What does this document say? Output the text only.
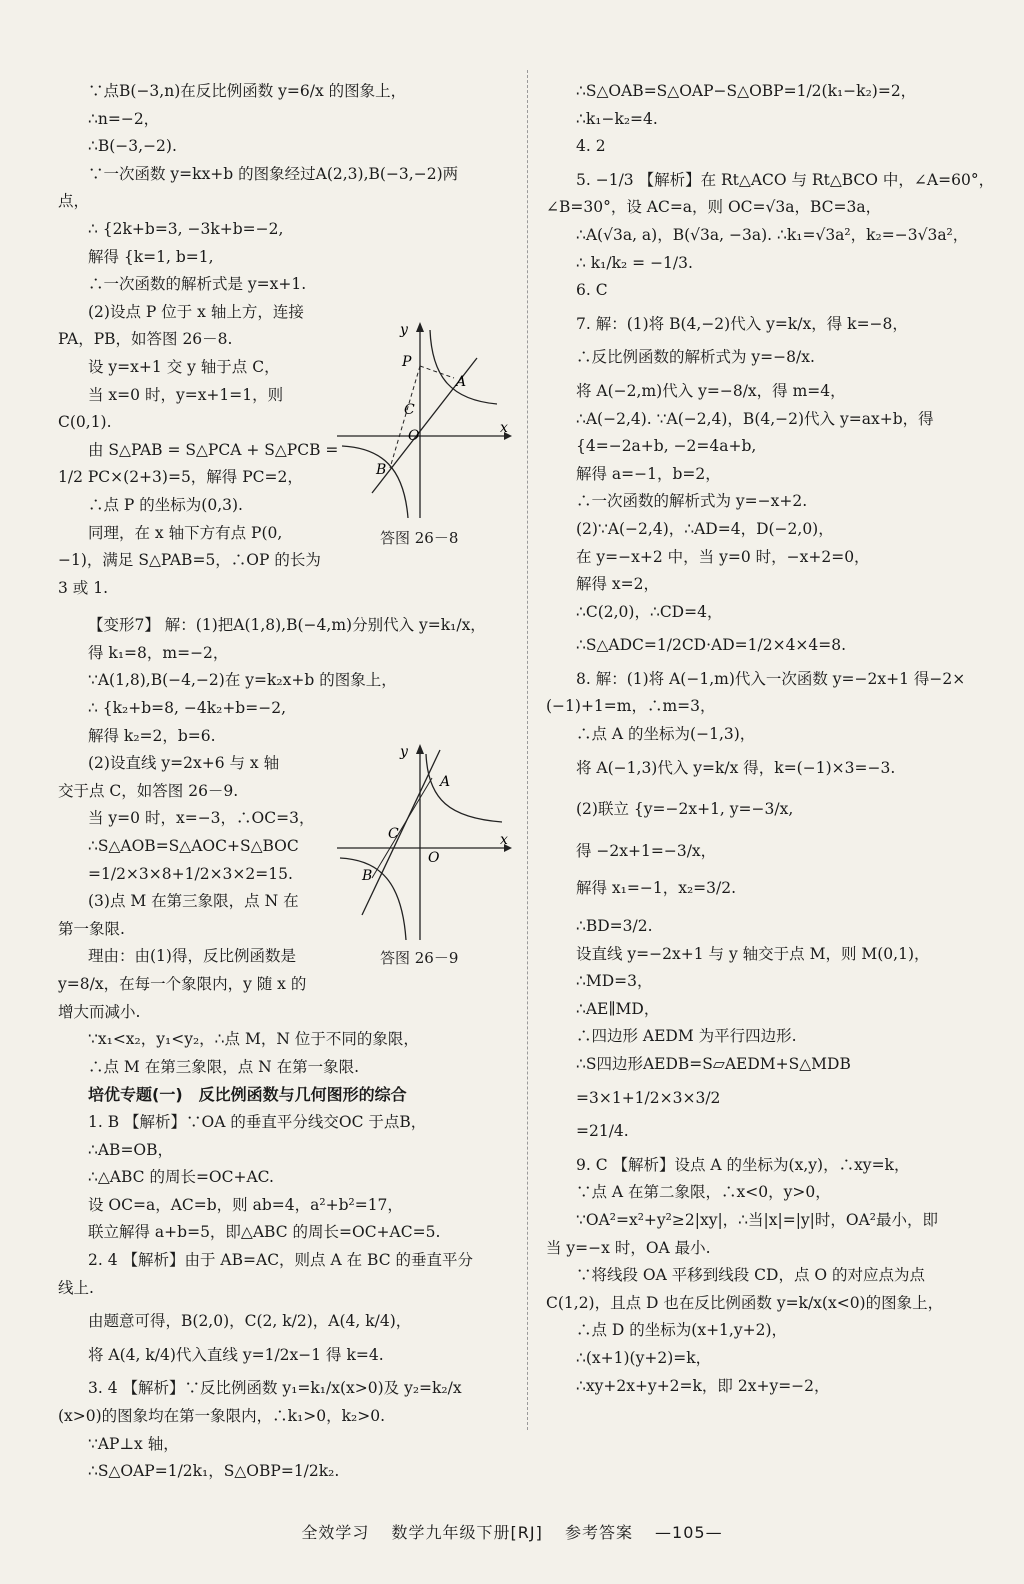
∵点B(−3,n)在反比例函数 y=6/x 的图象上，
∴n=−2，
∴B(−3,−2).
∵一次函数 y=kx+b 的图象经过A(2,3),B(−3,−2)两
点，
∴ {2k+b=3, −3k+b=−2,
解得 {k=1, b=1,
∴一次函数的解析式是 y=x+1.
(2)设点 P 位于 x 轴上方，连接
PA，PB，如答图 26－8.
设 y=x+1 交 y 轴于点 C，
当 x=0 时，y=x+1=1，则
C(0,1).
由 S△PAB = S△PCA + S△PCB =
1/2 PC×(2+3)=5，解得 PC=2，
∴点 P 的坐标为(0,3).
同理，在 x 轴下方有点 P(0,
−1)，满足 S△PAB=5，∴OP 的长为
3 或 1.
【变形7】 解：(1)把A(1,8),B(−4,m)分别代入 y=k₁/x，
得 k₁=8，m=−2，
∵A(1,8),B(−4,−2)在 y=k₂x+b 的图象上，
∴ {k₂+b=8, −4k₂+b=−2,
解得 k₂=2，b=6.
(2)设直线 y=2x+6 与 x 轴
交于点 C，如答图 26－9.
当 y=0 时，x=−3，∴OC=3，
∴S△AOB=S△AOC+S△BOC
=1/2×3×8+1/2×3×2=15.
(3)点 M 在第三象限，点 N 在
第一象限.
理由：由(1)得，反比例函数是
y=8/x，在每一个象限内，y 随 x 的
增大而减小.
∵x₁<x₂，y₁<y₂，∴点 M，N 位于不同的象限，
∴点 M 在第三象限，点 N 在第一象限.
培优专题(一)　反比例函数与几何图形的综合
1. B 【解析】∵OA 的垂直平分线交OC 于点B，
∴AB=OB，
∴△ABC 的周长=OC+AC.
设 OC=a，AC=b，则 ab=4，a²+b²=17，
联立解得 a+b=5，即△ABC 的周长=OC+AC=5.
2. 4 【解析】由于 AB=AC，则点 A 在 BC 的垂直平分
线上.
由题意可得，B(2,0)，C(2, k/2)，A(4, k/4)，
将 A(4, k/4)代入直线 y=1/2x−1 得 k=4.
3. 4 【解析】∵反比例函数 y₁=k₁/x(x>0)及 y₂=k₂/x
(x>0)的图象均在第一象限内，∴k₁>0，k₂>0.
∵AP⊥x 轴，
∴S△OAP=1/2k₁，S△OBP=1/2k₂.
y
x
P
A
C
O
B
答图 26－8
y
x
A
C
O
B
答图 26－9
∴S△OAB=S△OAP−S△OBP=1/2(k₁−k₂)=2，
∴k₁−k₂=4.
4. 2
5. −1/3 【解析】在 Rt△ACO 与 Rt△BCO 中，∠A=60°，
∠B=30°，设 AC=a，则 OC=√3a，BC=3a，
∴A(√3a, a)，B(√3a, −3a). ∴k₁=√3a²，k₂=−3√3a²，
∴ k₁/k₂ = −1/3.
6. C
7. 解：(1)将 B(4,−2)代入 y=k/x，得 k=−8，
∴反比例函数的解析式为 y=−8/x.
将 A(−2,m)代入 y=−8/x，得 m=4，
∴A(−2,4). ∵A(−2,4)，B(4,−2)代入 y=ax+b，得
{4=−2a+b, −2=4a+b,
解得 a=−1，b=2，
∴一次函数的解析式为 y=−x+2.
(2)∵A(−2,4)，∴AD=4，D(−2,0)，
在 y=−x+2 中，当 y=0 时，−x+2=0，
解得 x=2，
∴C(2,0)，∴CD=4，
∴S△ADC=1/2CD·AD=1/2×4×4=8.
8. 解：(1)将 A(−1,m)代入一次函数 y=−2x+1 得−2×
(−1)+1=m，∴m=3，
∴点 A 的坐标为(−1,3)，
将 A(−1,3)代入 y=k/x 得，k=(−1)×3=−3.
(2)联立 {y=−2x+1, y=−3/x,
得 −2x+1=−3/x，
解得 x₁=−1，x₂=3/2.
∴BD=3/2.
设直线 y=−2x+1 与 y 轴交于点 M，则 M(0,1)，
∴MD=3，
∴AE∥MD，
∴四边形 AEDM 为平行四边形.
∴S四边形AEDB=S▱AEDM+S△MDB
=3×1+1/2×3×3/2
=21/4.
9. C 【解析】设点 A 的坐标为(x,y)，∴xy=k，
∵点 A 在第二象限，∴x<0，y>0，
∵OA²=x²+y²≥2|xy|，∴当|x|=|y|时，OA²最小，即
当 y=−x 时，OA 最小.
∵将线段 OA 平移到线段 CD，点 O 的对应点为点
C(1,2)，且点 D 也在反比例函数 y=k/x(x<0)的图象上，
∴点 D 的坐标为(x+1,y+2)，
∴(x+1)(y+2)=k，
∴xy+2x+y+2=k，即 2x+y=−2，
全效学习 数学九年级下册[RJ] 参考答案 —105—
